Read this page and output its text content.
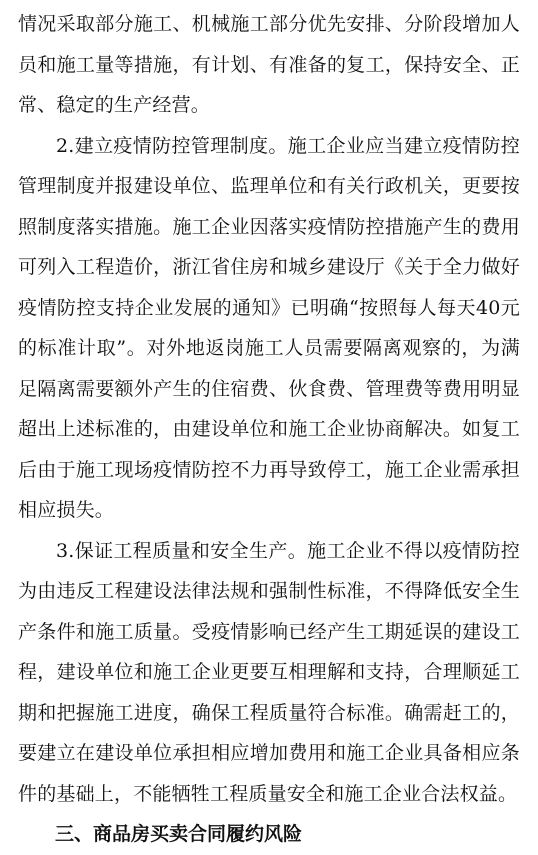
情况采取部分施工、机械施工部分优先安排、分阶段增加人员和施工量等措施，有计划、有准备的复工，保持安全、正常、稳定的生产经营。

2.建立疫情防控管理制度。施工企业应当建立疫情防控管理制度并报建设单位、监理单位和有关行政机关，更要按照制度落实措施。施工企业因落实疫情防控措施产生的费用可列入工程造价，浙江省住房和城乡建设厅《关于全力做好疫情防控支持企业发展的通知》已明确“按照每人每天40元的标准计取”。对外地返岗施工人员需要隔离观察的，为满足隔离需要额外产生的住宿费、伙食费、管理费等费用明显超出上述标准的，由建设单位和施工企业协商解决。如复工后由于施工现场疫情防控不力再导致停工，施工企业需承担相应损失。

3.保证工程质量和安全生产。施工企业不得以疫情防控为由违反工程建设法律法规和强制性标准，不得降低安全生产条件和施工质量。受疫情影响已经产生工期延误的建设工程，建设单位和施工企业更要互相理解和支持，合理顺延工期和把握施工进度，确保工程质量符合标准。确需赶工的，要建立在建设单位承担相应增加费用和施工企业具备相应条件的基础上，不能牺牲工程质量安全和施工企业合法权益。

三、商品房买卖合同履约风险
